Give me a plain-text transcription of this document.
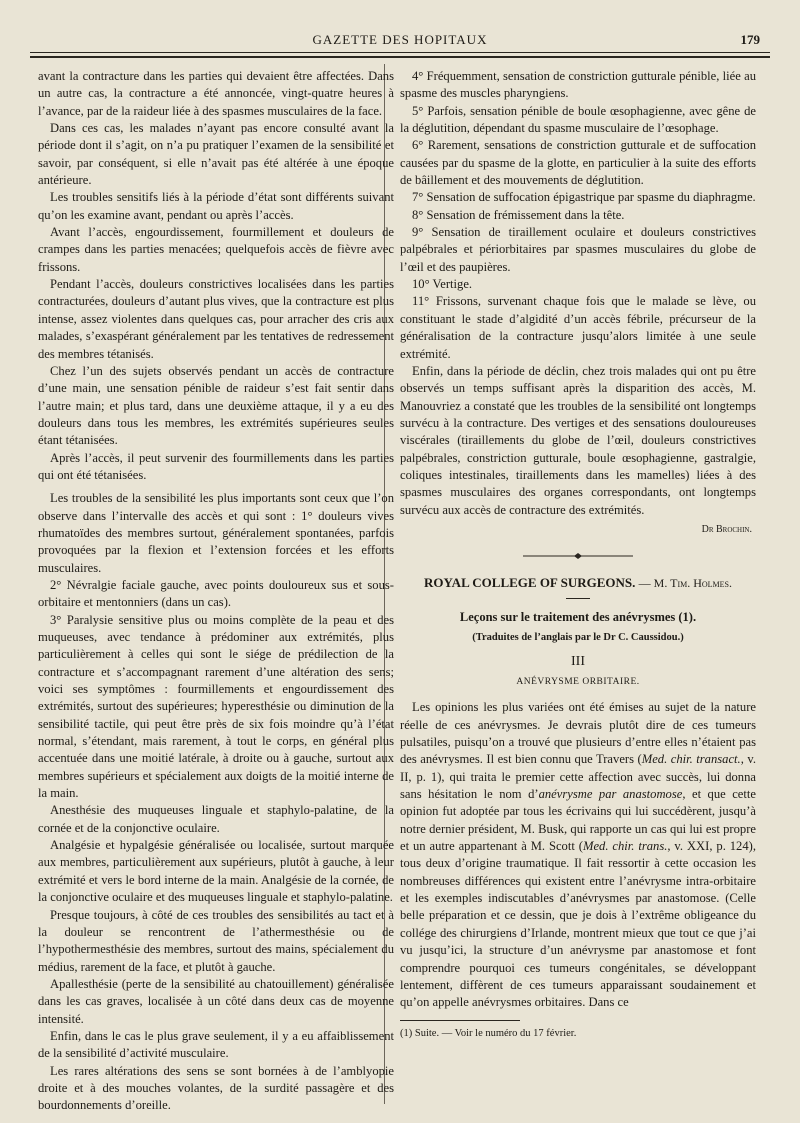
GAZETTE DES HOPITAUX	179

avant la contracture dans les parties qui devaient être affectées. Dans un autre cas, la contracture a été annoncée, vingt-quatre heures à l’avance, par de la raideur liée à des spasmes musculaires de la face.

Dans ces cas, les malades n’ayant pas encore consulté avant la période dont il s’agit, on n’a pu pratiquer l’examen de la sensibilité et savoir, par conséquent, si elle n’avait pas été altérée à une époque antérieure.

Les troubles sensitifs liés à la période d’état sont différents suivant qu’on les examine avant, pendant ou après l’accès.

Avant l’accès, engourdissement, fourmillement et douleurs de crampes dans les parties menacées; quelquefois accès de fièvre avec frissons.

Pendant l’accès, douleurs constrictives localisées dans les parties contracturées, douleurs d’autant plus vives, que la contracture est plus intense, assez violentes dans quelques cas, pour arracher des cris aux malades, s’exaspérant généralement par les tentatives de redressement des membres tétanisés.

Chez l’un des sujets observés pendant un accès de contracture d’une main, une sensation pénible de raideur s’est fait sentir dans l’autre main; et plus tard, dans une deuxième attaque, il y a eu des douleurs dans tous les membres, les extrémités supérieures seules étant tétanisées.

Après l’accès, il peut survenir des fourmillements dans les parties qui ont été tétanisées.

Les troubles de la sensibilité les plus importants sont ceux que l’on observe dans l’intervalle des accès et qui sont : 1° douleurs vives rhumatoïdes des membres surtout, généralement spontanées, parfois provoquées par la flexion et l’extension forcées et les efforts musculaires.

2° Névralgie faciale gauche, avec points douloureux sus et sous-orbitaire et mentonniers (dans un cas).

3° Paralysie sensitive plus ou moins complète de la peau et des muqueuses, avec tendance à prédominer aux extrémités, plus particulièrement à celles qui sont le siége de prédilection de la contracture et s’accompagnant rarement d’une altération des sens; voici ses symptômes : fourmillements et engourdissement des extrémités, surtout des supérieures; hyperesthésie ou diminution de la sensibilité tactile, qui peut être près de six fois moindre qu’à l’état normal, s’étendant, mais rarement, à tout le corps, en général plus accentuée dans une moitié latérale, à droite ou à gauche, surtout aux membres supérieurs et spécialement aux doigts de la moitié interne de la main.

Anesthésie des muqueuses linguale et staphylo-palatine, de la cornée et de la conjonctive oculaire.

Analgésie et hypalgésie généralisée ou localisée, surtout marquée aux membres, particulièrement aux supérieurs, plutôt à gauche, à leur extrémité et vers le bord interne de la main. Analgésie de la cornée, de la conjonctive oculaire et des muqueuses linguale et staphylo-palatine.

Presque toujours, à côté de ces troubles des sensibilités au tact et à la douleur se rencontrent de l’athermesthésie ou de l’hypothermesthésie des membres, surtout des mains, spécialement du médius, rarement de la face, et plutôt à gauche.

Apallesthésie (perte de la sensibilité au chatouillement) généralisée dans les cas graves, localisée à un côté dans deux cas de moyenne intensité.

Enfin, dans le cas le plus grave seulement, il y a eu affaiblissement de la sensibilité d’activité musculaire.

Les rares altérations des sens se sont bornées à de l’amblyopie droite et à des mouches volantes, de la surdité passagère et des bourdonnements d’oreille.

4° Fréquemment, sensation de constriction gutturale pénible, liée au spasme des muscles pharyngiens.

5° Parfois, sensation pénible de boule œsophagienne, avec gêne de la déglutition, dépendant du spasme musculaire de l’œsophage.

6° Rarement, sensations de constriction gutturale et de suffocation causées par du spasme de la glotte, en particulier à la suite des efforts de bâillement et des mouvements de déglutition.

7° Sensation de suffocation épigastrique par spasme du diaphragme.

8° Sensation de frémissement dans la tête.

9° Sensation de tiraillement oculaire et douleurs constrictives palpébrales et périorbitaires par spasmes musculaires du globe de l’œil et des paupières.

10° Vertige.

11° Frissons, survenant chaque fois que le malade se lève, ou constituant le stade d’algidité d’un accès fébrile, précurseur de la généralisation de la contracture jusqu’alors limitée à une seule extrémité.

Enfin, dans la période de déclin, chez trois malades qui ont pu être observés un temps suffisant après la disparition des accès, M. Manouvriez a constaté que les troubles de la sensibilité ont longtemps survécu à la contracture. Des vertiges et des sensations douloureuses viscérales (tiraillements du globe de l’œil, douleurs constrictives palpébrales, constriction gutturale, boule œsophagienne, gastralgie, coliques intestinales, tiraillements dans les mamelles) liées à des spasmes musculaires des organes correspondants, ont longtemps survécu aux accès de contracture des extrémités.

Dr Brochin.
ROYAL COLLEGE OF SURGEONS. — M. Tim. Holmes.
Leçons sur le traitement des anévrysmes (1).
(Traduites de l’anglais par le Dr C. Caussidou.)
III
ANÉVRYSME ORBITAIRE.

Les opinions les plus variées ont été émises au sujet de la nature réelle de ces anévrysmes. Je devrais plutôt dire de ces tumeurs pulsatiles, puisqu’on a trouvé que plusieurs d’entre elles n’étaient pas des anévrysmes. Il est bien connu que Travers (Med. chir. transact., v. II, p. 1), qui traita le premier cette affection avec succès, lui donna sans hésitation le nom d’anévrysme par anastomose, et que cette opinion fut adoptée par tous les écrivains qui lui succédèrent, jusqu’à notre dernier président, M. Busk, qui rapporte un cas qui lui est propre et un autre appartenant à M. Scott (Med. chir. trans., v. XXI, p. 124), tous deux d’origine traumatique. Il fait ressortir à cette occasion les nombreuses différences qui existent entre l’anévrysme intra-orbitaire et les exemples indiscutables d’anévrysmes par anastomose. (Celle belle préparation et ce dessin, que je dois à l’extrême obligeance du collége des chirurgiens d’Irlande, montrent mieux que tout ce que j’ai vu jusqu’ici, la structure d’un anévrysme par anastomose et font comprendre pourquoi ces tumeurs congénitales, se développant lentement, diffèrent de ces tumeurs apparaissant soudainement et qu’on appelle anévrysmes orbitaires. Dans ce

(1) Suite. — Voir le numéro du 17 février.
